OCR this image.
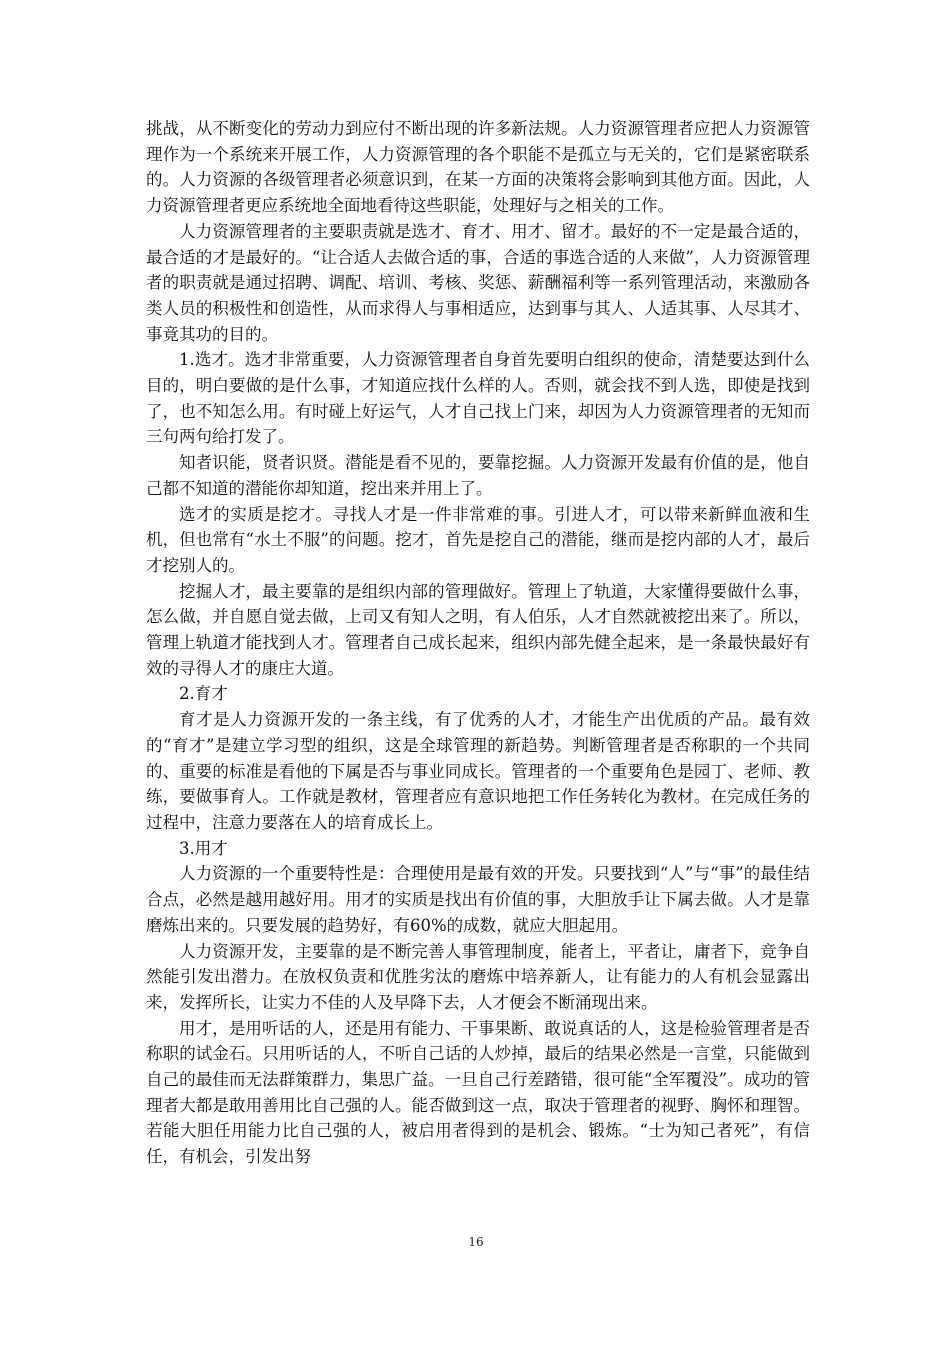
挑战，从不断变化的劳动力到应付不断出现的许多新法规。人力资源管理者应把人力资源管理作为一个系统来开展工作，人力资源管理的各个职能不是孤立与无关的，它们是紧密联系的。人力资源的各级管理者必须意识到，在某一方面的决策将会影响到其他方面。因此，人力资源管理者更应系统地全面地看待这些职能，处理好与之相关的工作。

人力资源管理者的主要职责就是选才、育才、用才、留才。最好的不一定是最合适的，最合适的才是最好的。“让合适人去做合适的事，合适的事选合适的人来做”，人力资源管理者的职责就是通过招聘、调配、培训、考核、奖惩、薪酬福利等一系列管理活动，来激励各类人员的积极性和创造性，从而求得人与事相适应，达到事与其人、人适其事、人尽其才、事竟其功的目的。

1.选才。选才非常重要，人力资源管理者自身首先要明白组织的使命，清楚要达到什么目的，明白要做的是什么事，才知道应找什么样的人。否则，就会找不到人选，即使是找到了，也不知怎么用。有时碰上好运气，人才自己找上门来，却因为人力资源管理者的无知而三句两句给打发了。

知者识能，贤者识贤。潜能是看不见的，要靠挖掘。人力资源开发最有价值的是，他自己都不知道的潜能你却知道，挖出来并用上了。

选才的实质是挖才。寻找人才是一件非常难的事。引进人才，可以带来新鲜血液和生机，但也常有“水土不服”的问题。挖才，首先是挖自己的潜能，继而是挖内部的人才，最后才挖别人的。

挖掘人才，最主要靠的是组织内部的管理做好。管理上了轨道，大家懂得要做什么事，怎么做，并自愿自觉去做，上司又有知人之明，有人伯乐，人才自然就被挖出来了。所以，管理上轨道才能找到人才。管理者自己成长起来，组织内部先健全起来，是一条最快最好有效的寻得人才的康庄大道。

2.育才

育才是人力资源开发的一条主线，有了优秀的人才，才能生产出优质的产品。最有效的“育才”是建立学习型的组织，这是全球管理的新趋势。判断管理者是否称职的一个共同的、重要的标准是看他的下属是否与事业同成长。管理者的一个重要角色是园丁、老师、教练，要做事育人。工作就是教材，管理者应有意识地把工作任务转化为教材。在完成任务的过程中，注意力要落在人的培育成长上。

3.用才

人力资源的一个重要特性是：合理使用是最有效的开发。只要找到“人”与“事”的最佳结合点，必然是越用越好用。用才的实质是找出有价值的事，大胆放手让下属去做。人才是靠磨炼出来的。只要发展的趋势好，有60%的成数，就应大胆起用。

人力资源开发，主要靠的是不断完善人事管理制度，能者上，平者让，庸者下，竞争自然能引发出潜力。在放权负责和优胜劣汰的磨炼中培养新人，让有能力的人有机会显露出来，发挥所长，让实力不佳的人及早降下去，人才便会不断涌现出来。

用才，是用听话的人，还是用有能力、干事果断、敢说真话的人，这是检验管理者是否称职的试金石。只用听话的人，不听自己话的人炒掉，最后的结果必然是一言堂，只能做到自己的最佳而无法群策群力，集思广益。一旦自己行差踏错，很可能“全军覆没”。成功的管理者大都是敢用善用比自己强的人。能否做到这一点，取决于管理者的视野、胸怀和理智。若能大胆任用能力比自己强的人，被启用者得到的是机会、锻炼。“士为知己者死”，有信任，有机会，引发出努

16
